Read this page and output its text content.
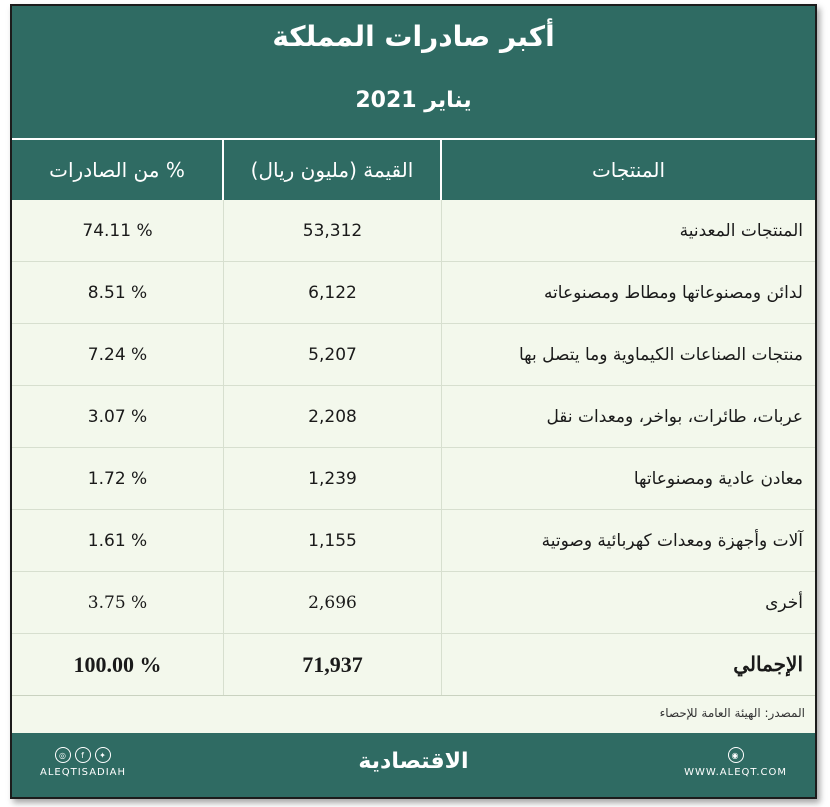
أكبر صادرات المملكة
يناير 2021
% من الصادرات	القيمة (مليون ريال)	المنتجات
74.11 %	53,312	المنتجات المعدنية
8.51 %	6,122	لدائن ومصنوعاتها ومطاط ومصنوعاته
7.24 %	5,207	منتجات الصناعات الكيماوية وما يتصل بها
3.07 %	2,208	عربات، طائرات، بواخر، ومعدات نقل
1.72 %	1,239	معادن عادية ومصنوعاتها
1.61 %	1,155	آلات وأجهزة ومعدات كهربائية وصوتية
3.75 %	2,696	أخرى
100.00 %	71,937	الإجمالي
المصدر: الهيئة العامة للإحصاء
◎	f	✦
ALEQTISADIAH	الاقتصادية	◉
WWW.ALEQT.COM
